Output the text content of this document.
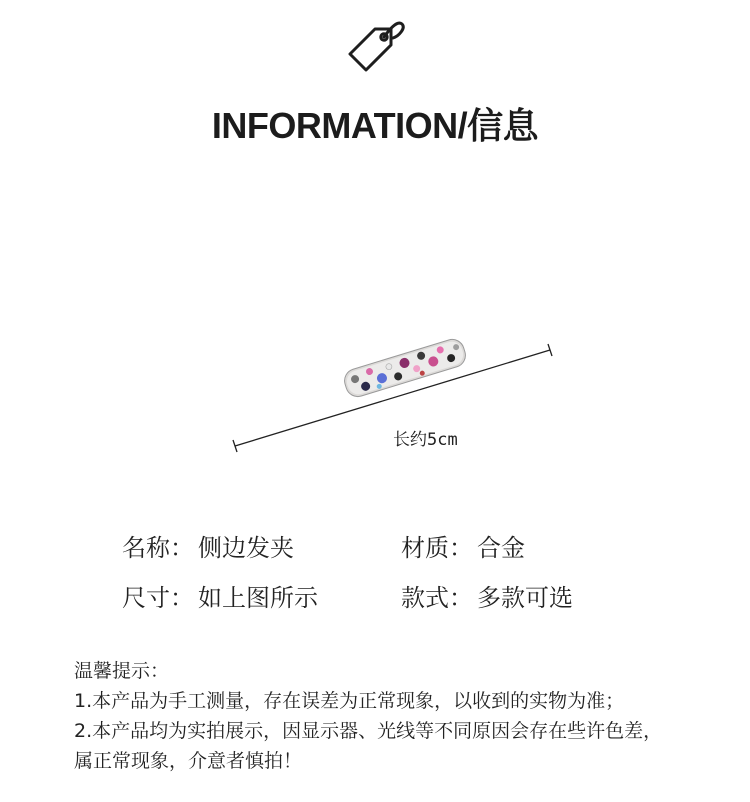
INFORMATION/信息
长约5cm
名称： 侧边发夹	材质： 合金
尺寸： 如上图所示	款式： 多款可选
温馨提示：
1.本产品为手工测量，存在误差为正常现象，以收到的实物为准；
2.本产品均为实拍展示，因显示器、光线等不同原因会存在些许色差，
属正常现象，介意者慎拍！
